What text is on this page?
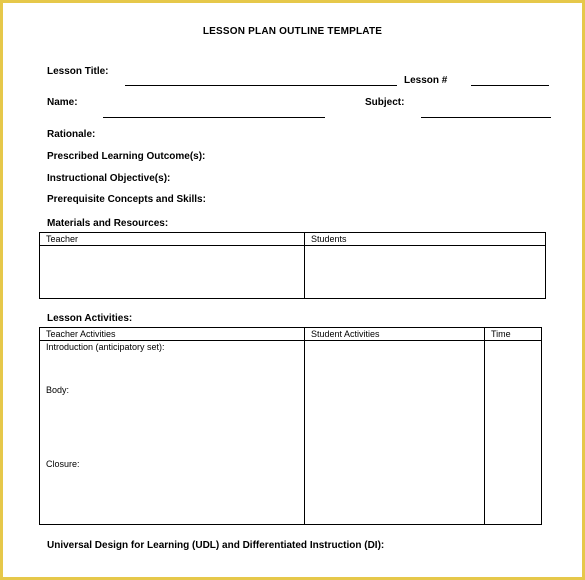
LESSON PLAN OUTLINE TEMPLATE
Lesson Title:
Lesson #
Name:	Subject:
Rationale:
Prescribed Learning Outcome(s):
Instructional Objective(s):
Prerequisite Concepts and Skills:
Materials and Resources:
Teacher	Students

Lesson Activities:
Teacher Activities	Student Activities	Time

Introduction (anticipatory set):
Body:
Closure:		

Universal Design for Learning (UDL) and Differentiated Instruction (DI):
